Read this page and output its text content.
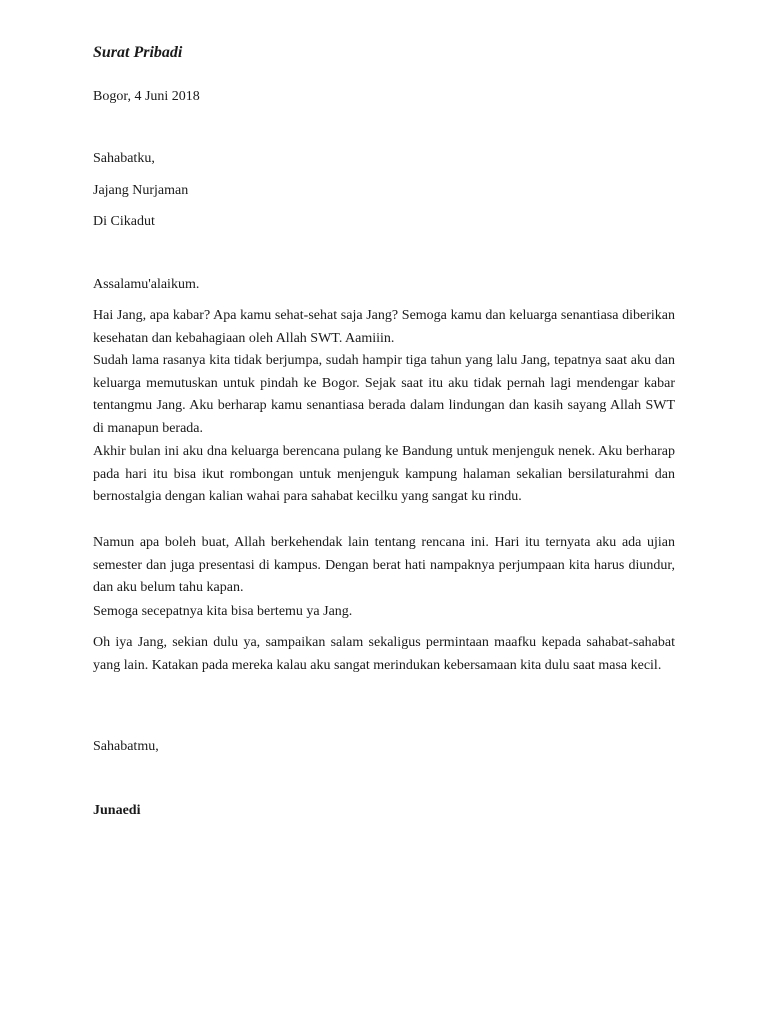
Surat Pribadi

Bogor, 4 Juni 2018

Sahabatku,

Jajang Nurjaman

Di Cikadut

Assalamu'alaikum.

Hai Jang, apa kabar? Apa kamu sehat-sehat saja Jang? Semoga kamu dan keluarga senantiasa diberikan kesehatan dan kebahagiaan oleh Allah SWT. Aamiiin.

Sudah lama rasanya kita tidak berjumpa, sudah hampir tiga tahun yang lalu Jang, tepatnya saat aku dan keluarga memutuskan untuk pindah ke Bogor. Sejak saat itu aku tidak pernah lagi mendengar kabar tentangmu Jang. Aku berharap kamu senantiasa berada dalam lindungan dan kasih sayang Allah SWT di manapun berada.

Akhir bulan ini aku dna keluarga berencana pulang ke Bandung untuk menjenguk nenek. Aku berharap pada hari itu bisa ikut rombongan untuk menjenguk kampung halaman sekalian bersilaturahmi dan bernostalgia dengan kalian wahai para sahabat kecilku yang sangat ku rindu.

Namun apa boleh buat, Allah berkehendak lain tentang rencana ini. Hari itu ternyata aku ada ujian semester dan juga presentasi di kampus. Dengan berat hati nampaknya perjumpaan kita harus diundur, dan aku belum tahu kapan.

Semoga secepatnya kita bisa bertemu ya Jang.

Oh iya Jang, sekian dulu ya, sampaikan salam sekaligus permintaan maafku kepada sahabat-sahabat yang lain. Katakan pada mereka kalau aku sangat merindukan kebersamaan kita dulu saat masa kecil.

Sahabatmu,

Junaedi
